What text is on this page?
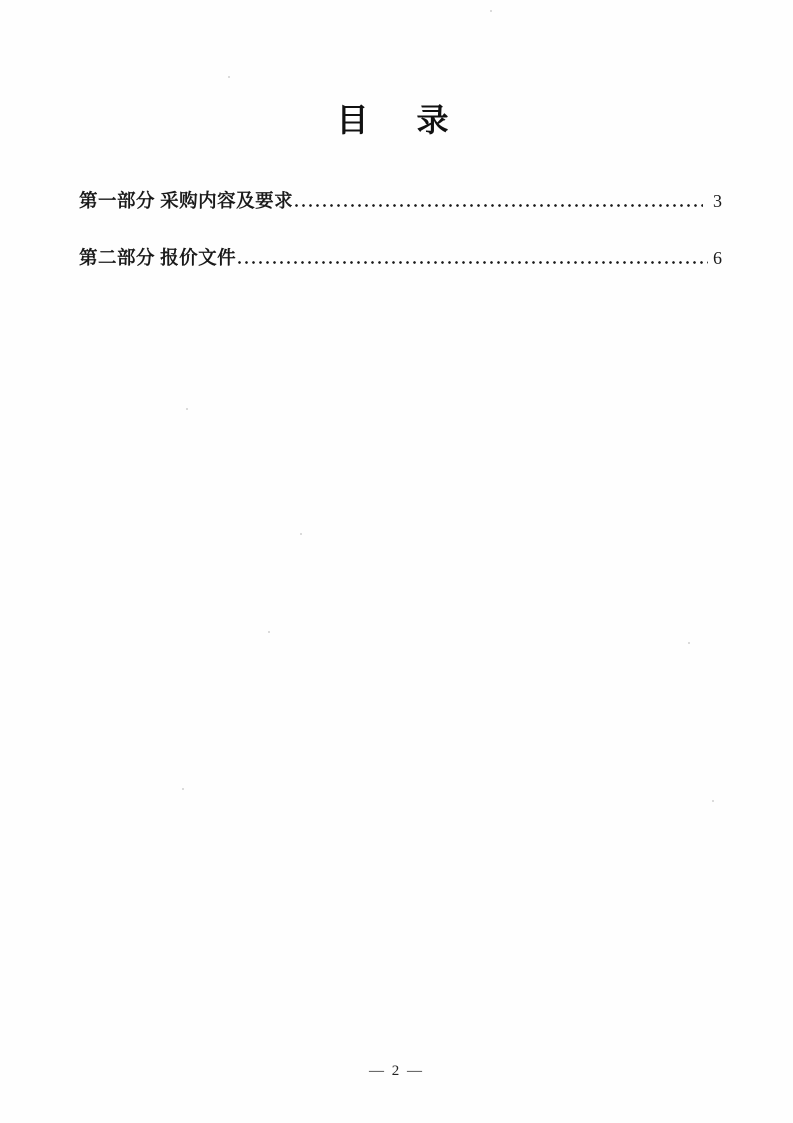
目　录
第一部分 采购内容及要求	3
第二部分 报价文件	6
— 2 —
